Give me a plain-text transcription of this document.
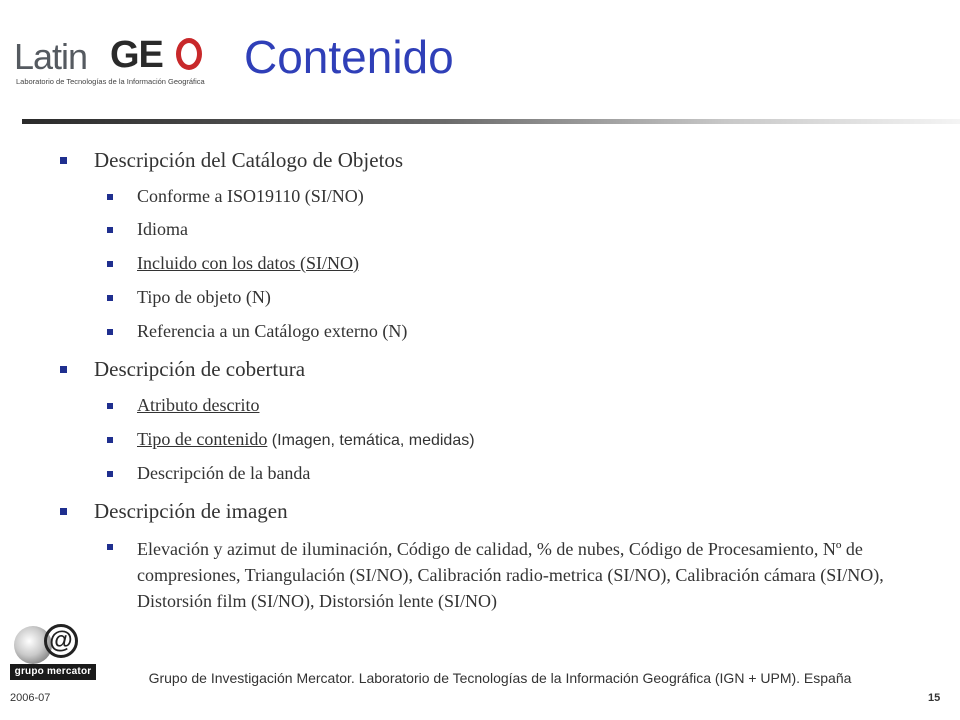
Latin GE
Laboratorio de Tecnologías de la Información Geográfica Contenido
Descripción del Catálogo de Objetos
Conforme a ISO19110 (SI/NO)
Idioma
Incluido con los datos (SI/NO)
Tipo de objeto (N)
Referencia a un Catálogo externo (N)
Descripción de cobertura
Atributo descrito
Tipo de contenido (Imagen, temática, medidas)
Descripción de la banda
Descripción de imagen
Elevación y azimut de iluminación, Código de calidad, % de nubes, Código de Procesamiento, Nº de compresiones, Triangulación (SI/NO), Calibración radio-metrica (SI/NO), Calibración cámara (SI/NO), Distorsión film (SI/NO), Distorsión lente (SI/NO)
@
grupo mercator	Grupo de Investigación Mercator. Laboratorio de Tecnologías de la Información Geográfica (IGN + UPM). España
2006-07	15
